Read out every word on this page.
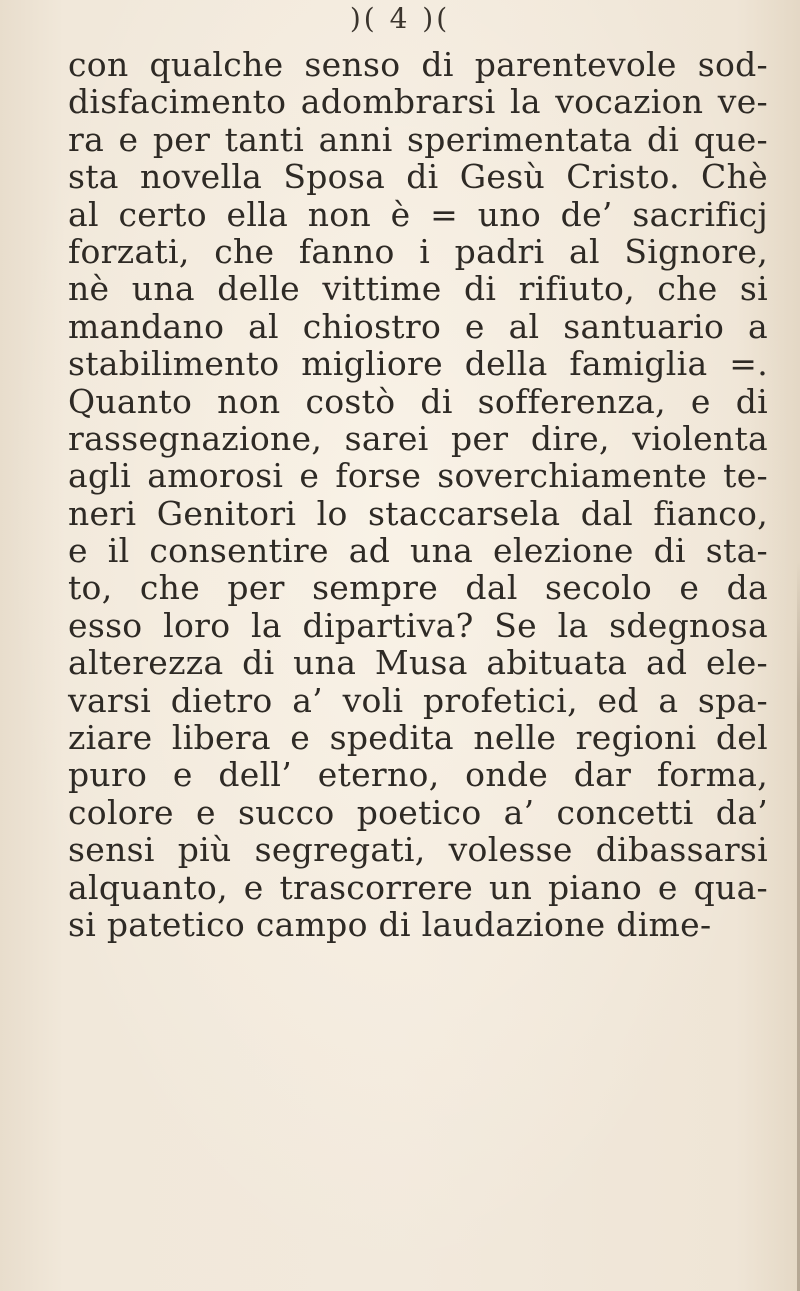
)( 4 )(
con qualche senso di parentevole sod-
disfacimento adombrarsi la vocazion ve-
ra e per tanti anni sperimentata di que-
sta novella Sposa di Gesù Cristo. Chè
al certo ella non è = uno de’ sacrificj
forzati, che fanno i padri al Signore,
nè una delle vittime di rifiuto, che si
mandano al chiostro e al santuario a
stabilimento migliore della famiglia =.
Quanto non costò di sofferenza, e di
rassegnazione, sarei per dire, violenta
agli amorosi e forse soverchiamente te-
neri Genitori lo staccarsela dal fianco,
e il consentire ad una elezione di sta-
to, che per sempre dal secolo e da
esso loro la dipartiva? Se la sdegnosa
alterezza di una Musa abituata ad ele-
varsi dietro a’ voli profetici, ed a spa-
ziare libera e spedita nelle regioni del
puro e dell’ eterno, onde dar forma,
colore e succo poetico a’ concetti da’
sensi più segregati, volesse dibassarsi
alquanto, e trascorrere un piano e qua-
si patetico campo di laudazione dime-
